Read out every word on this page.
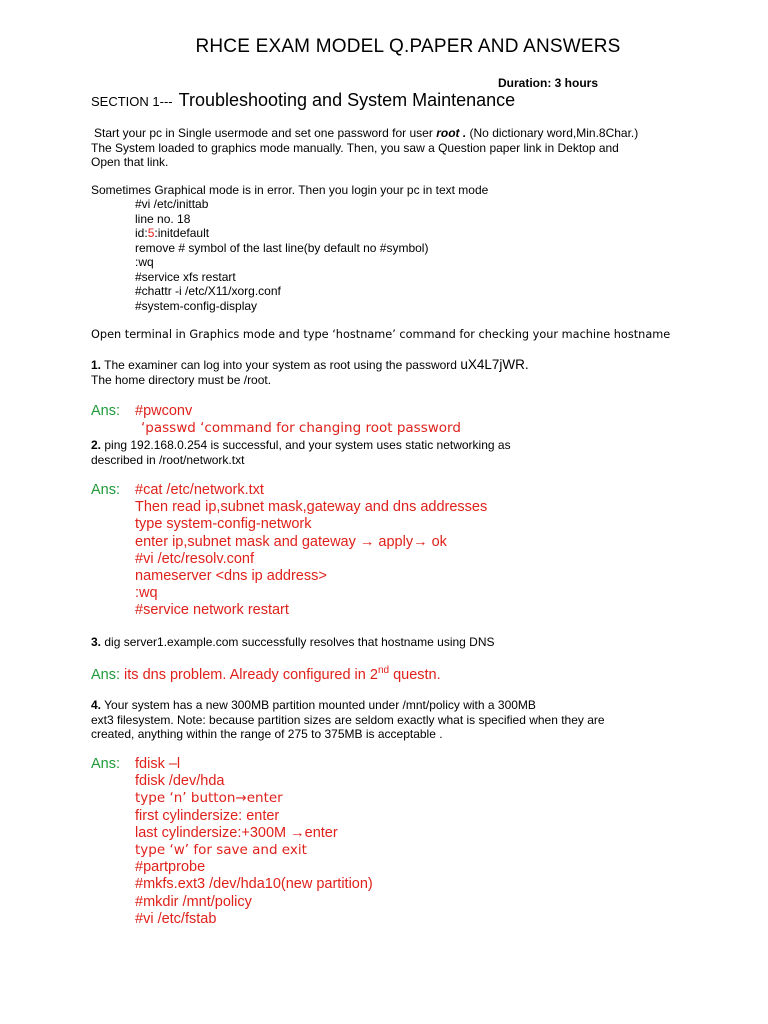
RHCE EXAM MODEL Q.PAPER AND ANSWERS
Duration: 3 hours
SECTION 1--- Troubleshooting and System Maintenance
Start your pc in Single usermode and set one password for user root . (No dictionary word,Min.8Char.)
The System loaded to graphics mode manually. Then, you saw a Question paper link in Dektop and
Open that link.
Sometimes Graphical mode is in error. Then you login your pc in text mode
#vi /etc/inittab
line no. 18
id:5:initdefault
remove # symbol of the last line(by default no #symbol)
:wq
#service xfs restart
#chattr -i /etc/X11/xorg.conf
#system-config-display
Open terminal in Graphics mode and type ‘hostname’ command for checking your machine hostname
1. The examiner can log into your system as root using the password uX4L7jWR.
The home directory must be /root.
Ans: #pwconv
‘passwd ‘command for changing root password
2. ping 192.168.0.254 is successful, and your system uses static networking as
described in /root/network.txt
Ans: #cat /etc/network.txt
Then read ip,subnet mask,gateway and dns addresses
type system-config-network
enter ip,subnet mask and gateway → apply→ ok
#vi /etc/resolv.conf
nameserver <dns ip address>
:wq
#service network restart
3. dig server1.example.com successfully resolves that hostname using DNS
Ans: its dns problem. Already configured in 2nd questn.
4. Your system has a new 300MB partition mounted under /mnt/policy with a 300MB
ext3 filesystem. Note: because partition sizes are seldom exactly what is specified when they are
created, anything within the range of 275 to 375MB is acceptable .
Ans: fdisk –l
fdisk /dev/hda
type ‘n’ button→enter
first cylindersize: enter
last cylindersize:+300M →enter
type ‘w’ for save and exit
#partprobe
#mkfs.ext3 /dev/hda10(new partition)
#mkdir /mnt/policy
#vi /etc/fstab
